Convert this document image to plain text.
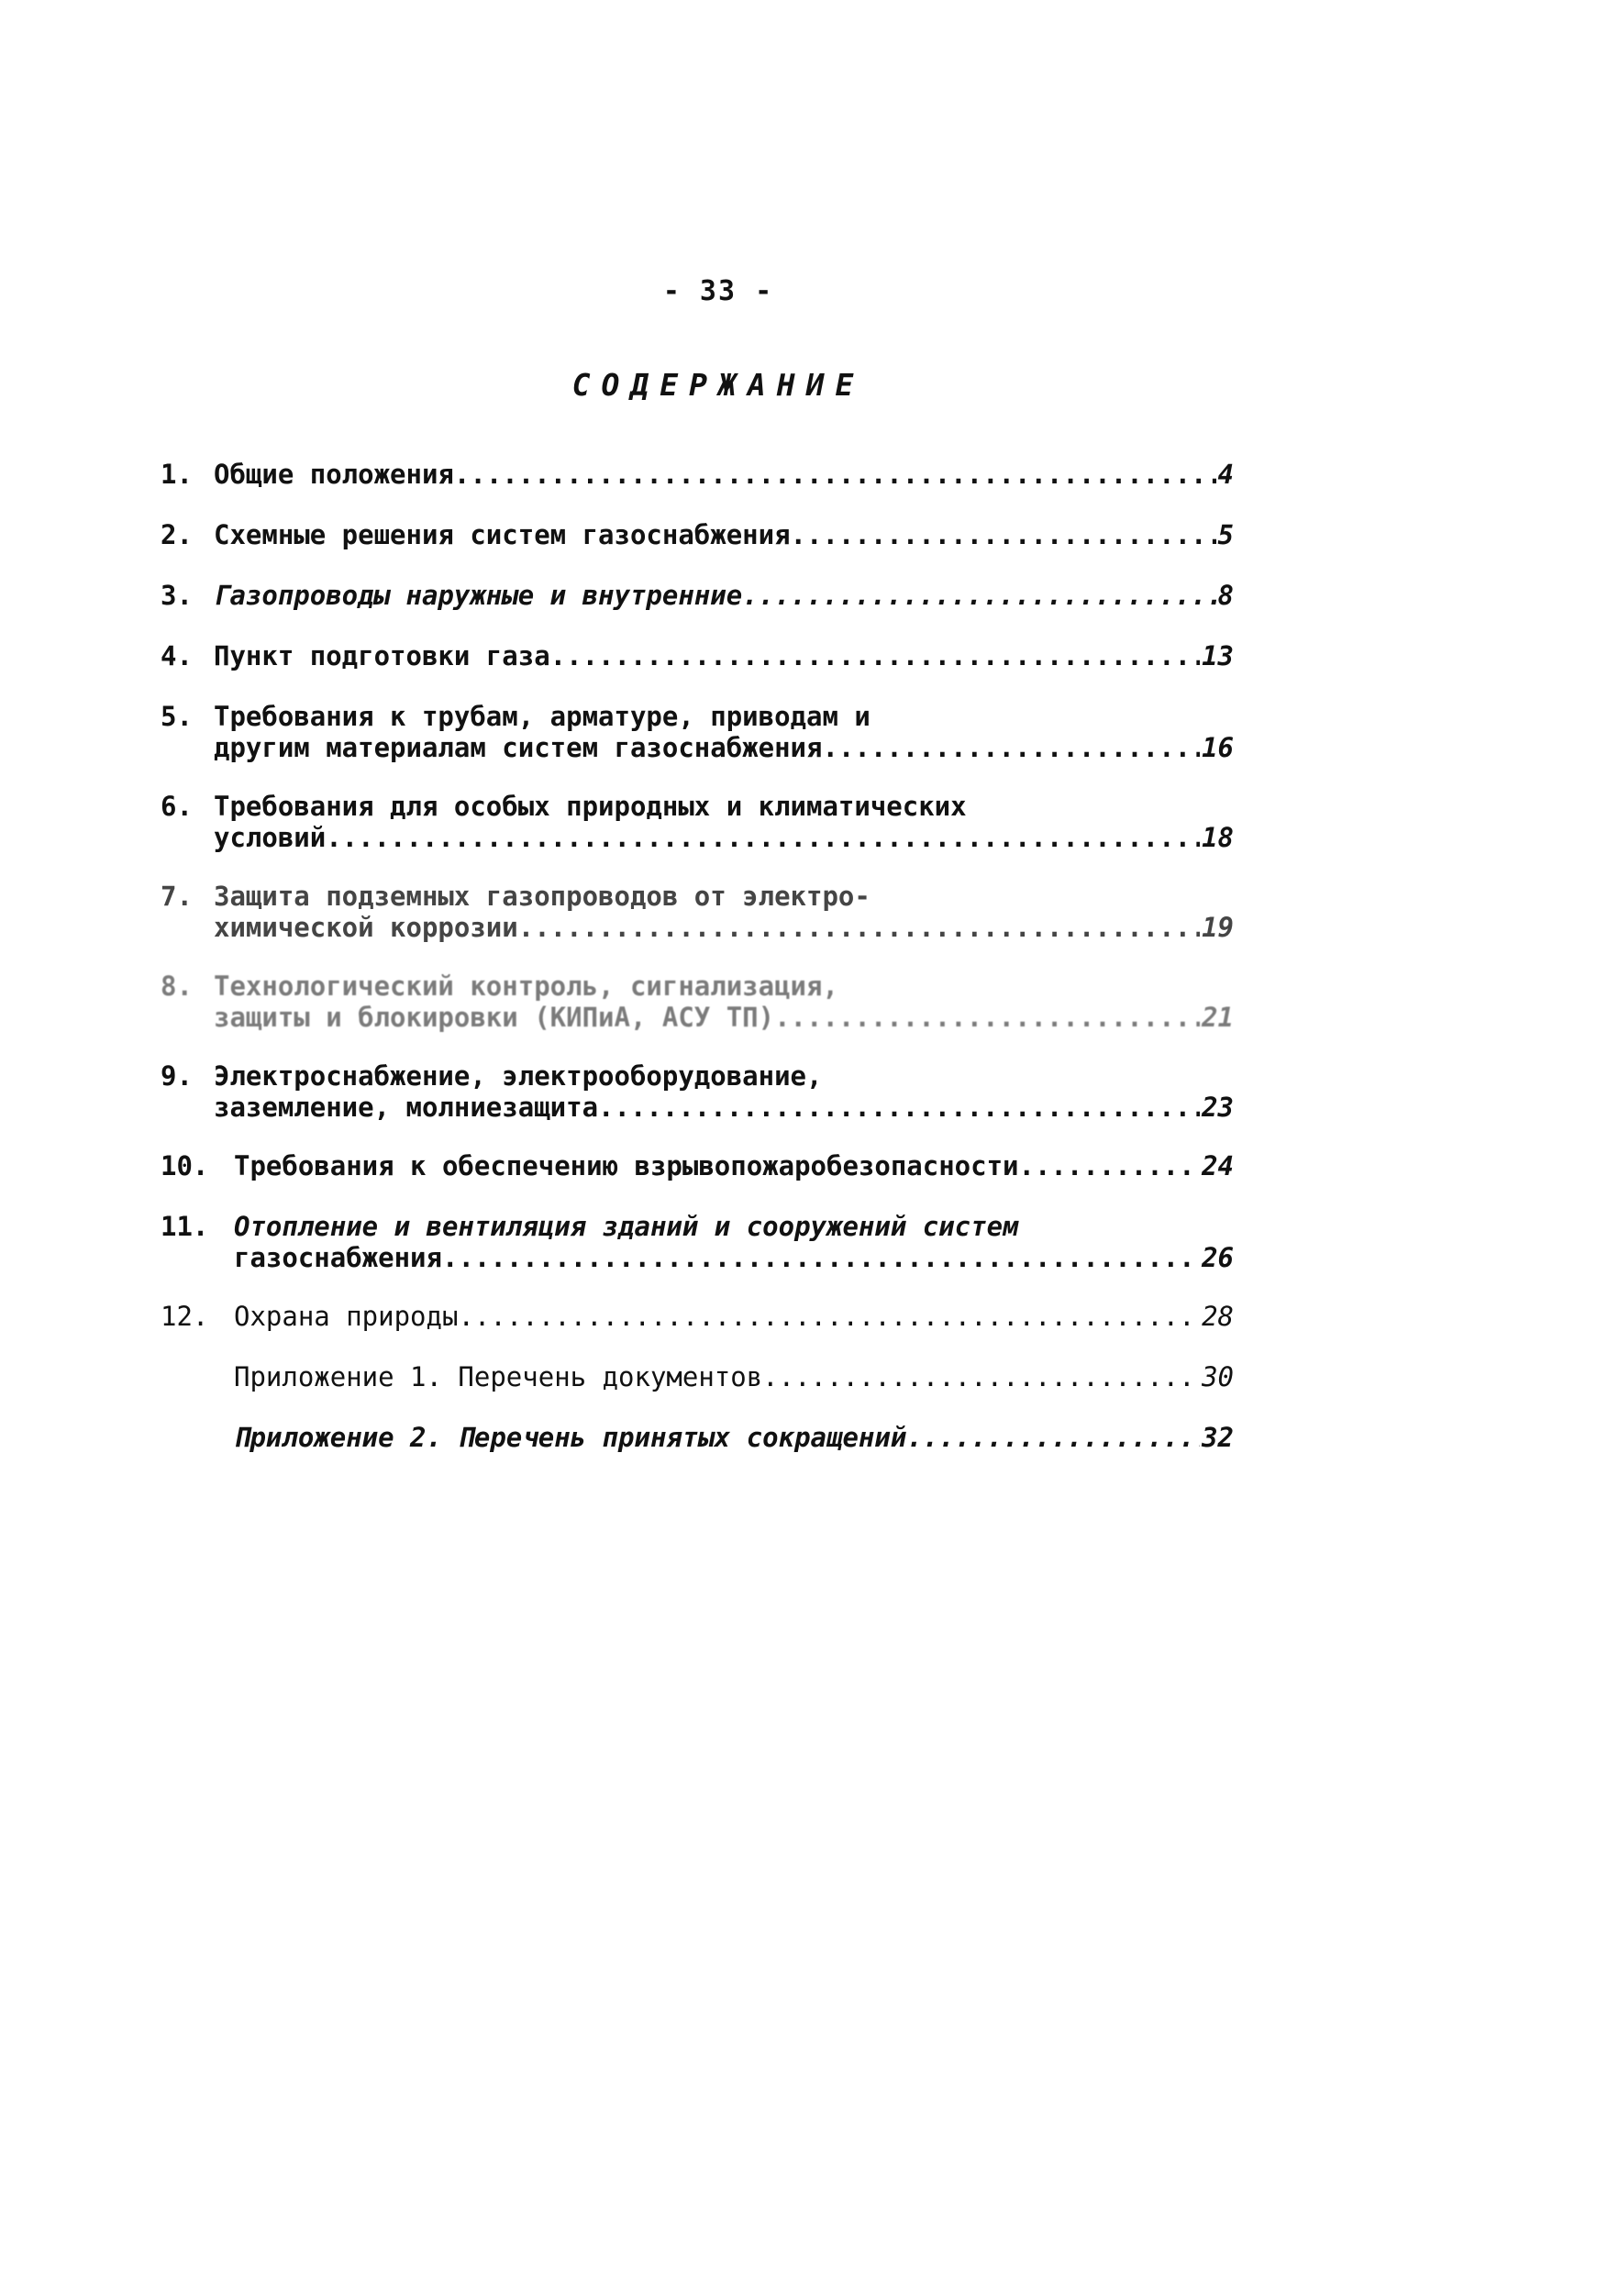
- 33 -
СОДЕРЖАНИЕ
1. Общие положения .....	4
2. Схемные решения систем газоснабжения .....	5
3. Газопроводы наружные и внутренние .....	8
4. Пункт подготовки газа .....	13
5. Требования к трубам, арматуре, приводам и
другим материалам систем газоснабжения .....	16
6. Требования для особых природных и климатических
условий .....	18
7. Защита подземных газопроводов от электро-
химической коррозии .....	19
8. Технологический контроль, сигнализация,
защиты и блокировки (КИПиА, АСУ ТП) .....	21
9. Электроснабжение, электрооборудование,
заземление, молниезащита .....	23
10. Требования к обеспечению взрывопожаробезопасности .....	24
11. Отопление и вентиляция зданий и сооружений систем
газоснабжения .....	26
12. Охрана природы .....	28
Приложение 1. Перечень документов .....	30
Приложение 2. Перечень принятых сокращений .....	32
